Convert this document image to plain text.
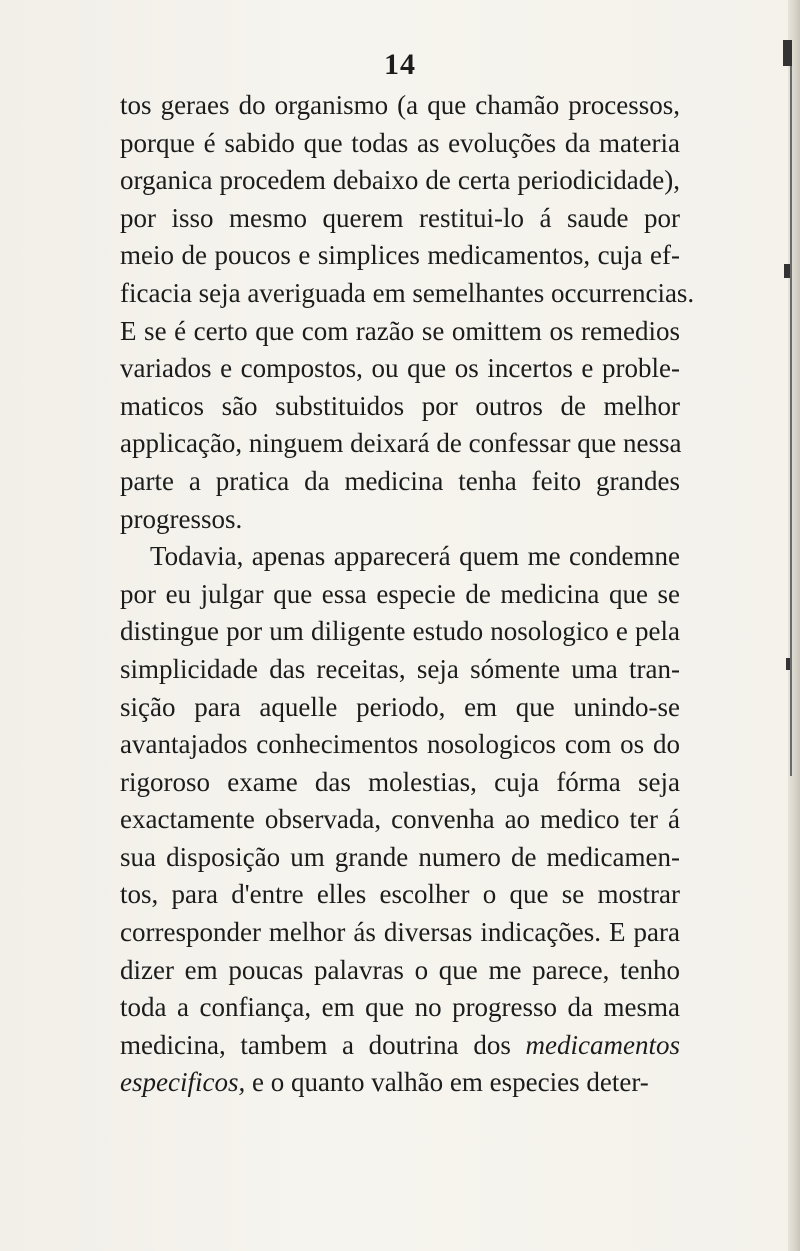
14
tos geraes do organismo (a que chamão processos,
porque é sabido que todas as evoluções da materia
organica procedem debaixo de certa periodicidade),
por isso mesmo querem restitui-lo á saude por
meio de poucos e simplices medicamentos, cuja ef-
ficacia seja averiguada em semelhantes occurrencias.
E se é certo que com razão se omittem os remedios
variados e compostos, ou que os incertos e proble-
maticos são substituidos por outros de melhor
applicação, ninguem deixará de confessar que nessa
parte a pratica da medicina tenha feito grandes
progressos.
Todavia, apenas apparecerá quem me condemne
por eu julgar que essa especie de medicina que se
distingue por um diligente estudo nosologico e pela
simplicidade das receitas, seja sómente uma tran-
sição para aquelle periodo, em que unindo-se
avantajados conhecimentos nosologicos com os do
rigoroso exame das molestias, cuja fórma seja
exactamente observada, convenha ao medico ter á
sua disposição um grande numero de medicamen-
tos, para d'entre elles escolher o que se mostrar
corresponder melhor ás diversas indicações. E para
dizer em poucas palavras o que me parece, tenho
toda a confiança, em que no progresso da mesma
medicina, tambem a doutrina dos medicamentos
especificos, e o quanto valhão em especies deter-
